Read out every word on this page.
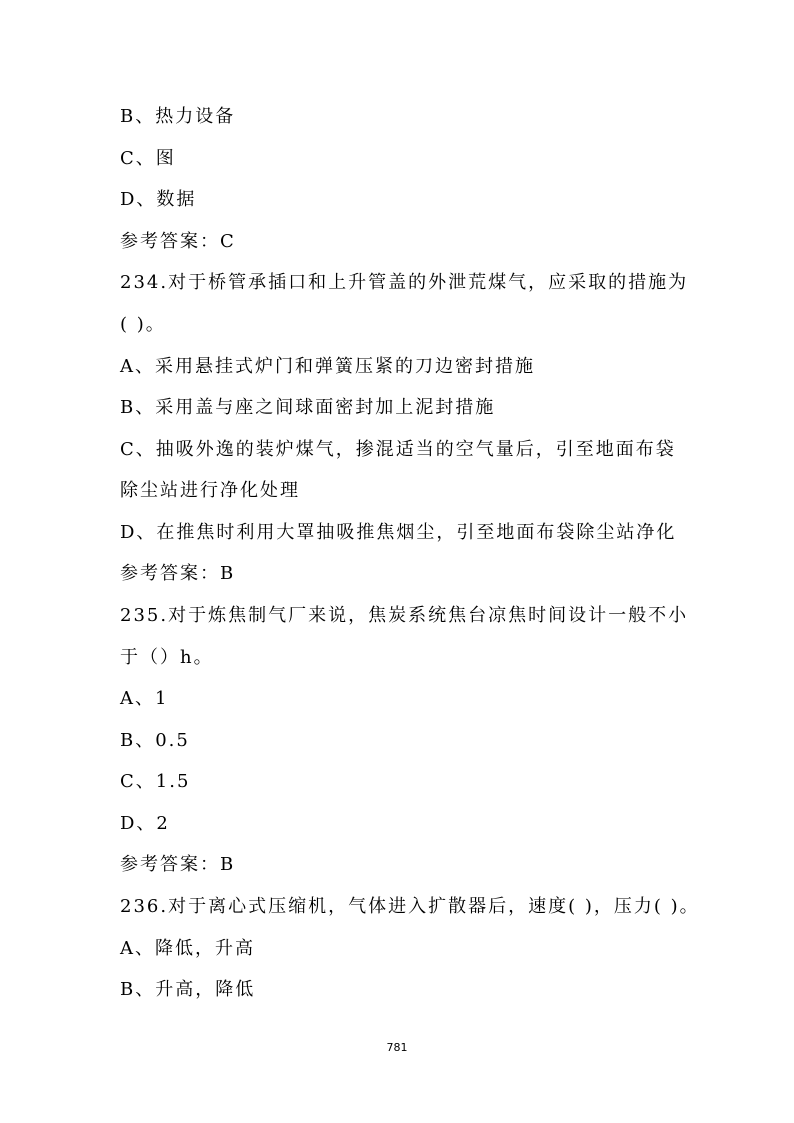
B、热力设备
C、图
D、数据
参考答案：C
234.对于桥管承插口和上升管盖的外泄荒煤气，应采取的措施为
( )。
A、采用悬挂式炉门和弹簧压紧的刀边密封措施
B、采用盖与座之间球面密封加上泥封措施
C、抽吸外逸的装炉煤气，掺混适当的空气量后，引至地面布袋
除尘站进行净化处理
D、在推焦时利用大罩抽吸推焦烟尘，引至地面布袋除尘站净化
参考答案：B
235.对于炼焦制气厂来说，焦炭系统焦台凉焦时间设计一般不小
于（）h。
A、1
B、0.5
C、1.5
D、2
参考答案：B
236.对于离心式压缩机，气体进入扩散器后，速度( )，压力( )。
A、降低，升高
B、升高，降低
781
